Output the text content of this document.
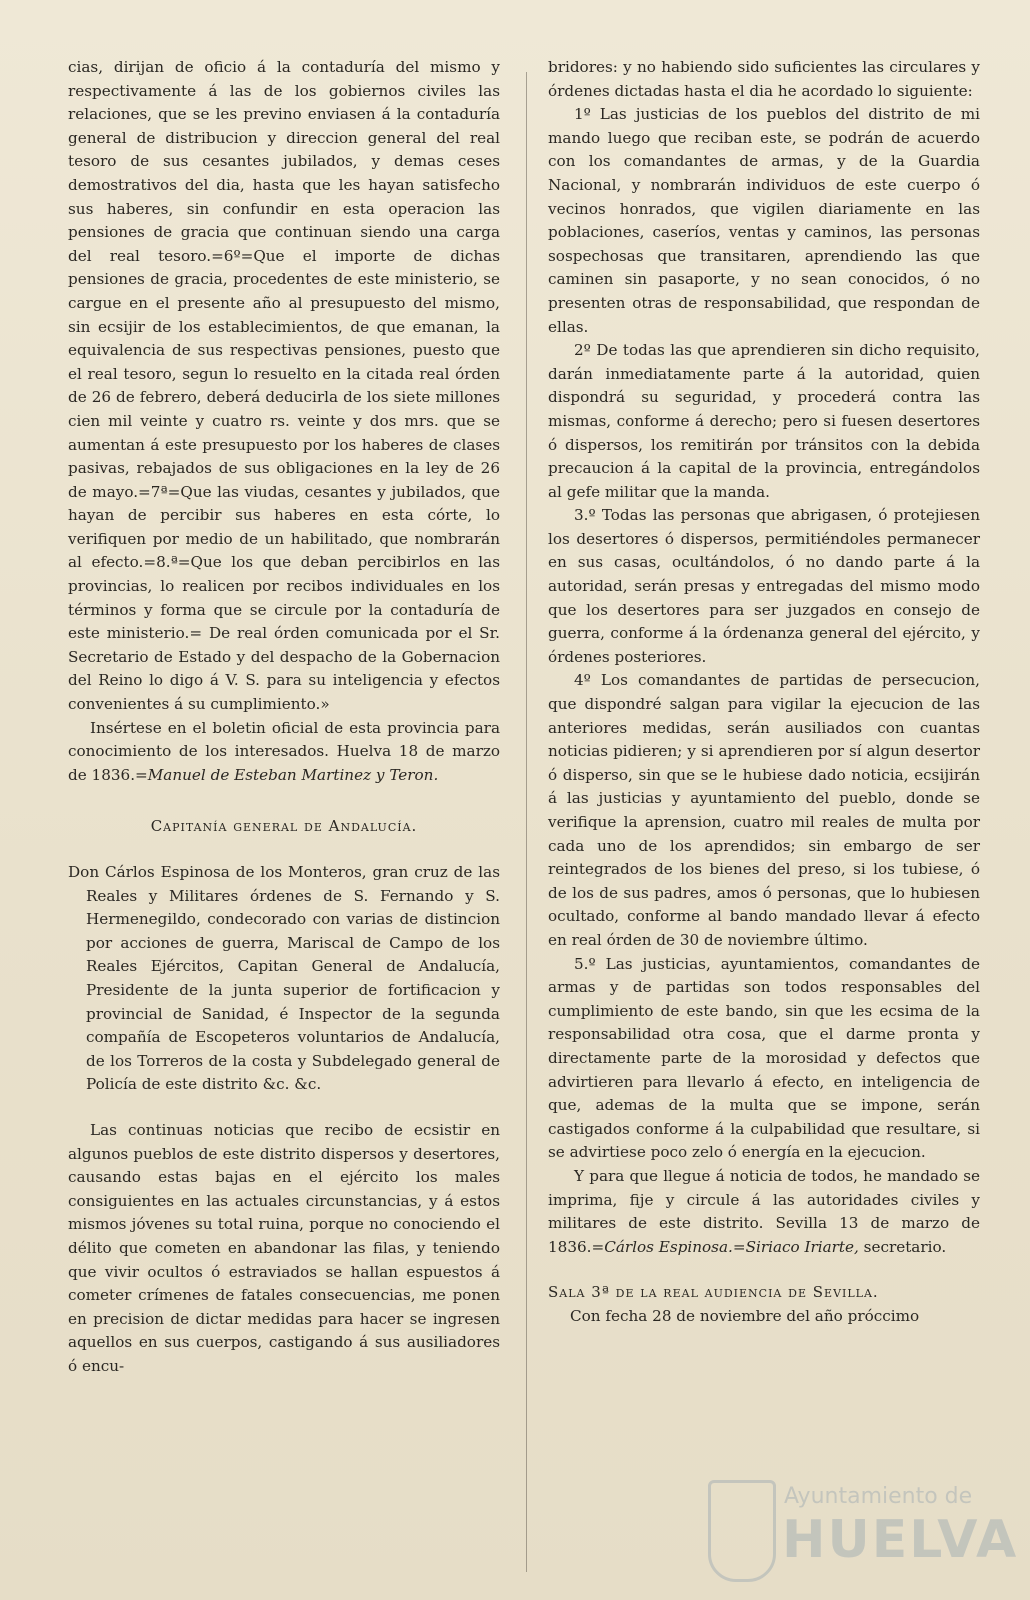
cias, dirijan de oficio á la contaduría del mismo y respectivamente á las de los gobiernos civiles las relaciones, que se les previno enviasen á la contaduría general de distribucion y direccion general del real tesoro de sus cesantes jubilados, y demas ceses demostrativos del dia, hasta que les hayan satisfecho sus haberes, sin confundir en esta operacion las pensiones de gracia que continuan siendo una carga del real tesoro.=6º=Que el importe de dichas pensiones de gracia, procedentes de este ministerio, se cargue en el presente año al presupuesto del mismo, sin ecsijir de los establecimientos, de que emanan, la equivalencia de sus respectivas pensiones, puesto que el real tesoro, segun lo resuelto en la citada real órden de 26 de febrero, deberá deducirla de los siete millones cien mil veinte y cuatro rs. veinte y dos mrs. que se aumentan á este presupuesto por los haberes de clases pasivas, rebajados de sus obligaciones en la ley de 26 de mayo.=7ª=Que las viudas, cesantes y jubilados, que hayan de percibir sus haberes en esta córte, lo verifiquen por medio de un habilitado, que nombrarán al efecto.=8.ª=Que los que deban percibirlos en las provincias, lo realicen por recibos individuales en los términos y forma que se circule por la contaduría de este ministerio.= De real órden comunicada por el Sr. Secretario de Estado y del despacho de la Gobernacion del Reino lo digo á V. S. para su inteligencia y efectos convenientes á su cumplimiento.»

Insértese en el boletin oficial de esta provincia para conocimiento de los interesados. Huelva 18 de marzo de 1836.=Manuel de Esteban Martinez y Teron.

Capitanía general de Andalucía.

Don Cárlos Espinosa de los Monteros, gran cruz de las Reales y Militares órdenes de S. Fernando y S. Hermenegildo, condecorado con varias de distincion por acciones de guerra, Mariscal de Campo de los Reales Ejércitos, Capitan General de Andalucía, Presidente de la junta superior de fortificacion y provincial de Sanidad, é Inspector de la segunda compañía de Escopeteros voluntarios de Andalucía, de los Torreros de la costa y Subdelegado general de Policía de este distrito &c. &c.

Las continuas noticias que recibo de ecsistir en algunos pueblos de este distrito dispersos y desertores, causando estas bajas en el ejército los males consiguientes en las actuales circunstancias, y á estos mismos jóvenes su total ruina, porque no conociendo el délito que cometen en abandonar las filas, y teniendo que vivir ocultos ó estraviados se hallan espuestos á cometer crímenes de fatales consecuencias, me ponen en precision de dictar medidas para hacer se ingresen aquellos en sus cuerpos, castigando á sus ausiliadores ó encu-

bridores: y no habiendo sido suficientes las circulares y órdenes dictadas hasta el dia he acordado lo siguiente:

1º Las justicias de los pueblos del distrito de mi mando luego que reciban este, se podrán de acuerdo con los comandantes de armas, y de la Guardia Nacional, y nombrarán individuos de este cuerpo ó vecinos honrados, que vigilen diariamente en las poblaciones, caseríos, ventas y caminos, las personas sospechosas que transitaren, aprendiendo las que caminen sin pasaporte, y no sean conocidos, ó no presenten otras de responsabilidad, que respondan de ellas.

2º De todas las que aprendieren sin dicho requisito, darán inmediatamente parte á la autoridad, quien dispondrá su seguridad, y procederá contra las mismas, conforme á derecho; pero si fuesen desertores ó dispersos, los remitirán por tránsitos con la debida precaucion á la capital de la provincia, entregándolos al gefe militar que la manda.

3.º Todas las personas que abrigasen, ó protejiesen los desertores ó dispersos, permitiéndoles permanecer en sus casas, ocultándolos, ó no dando parte á la autoridad, serán presas y entregadas del mismo modo que los desertores para ser juzgados en consejo de guerra, conforme á la órdenanza general del ejército, y órdenes posteriores.

4º Los comandantes de partidas de persecucion, que dispondré salgan para vigilar la ejecucion de las anteriores medidas, serán ausiliados con cuantas noticias pidieren; y si aprendieren por sí algun desertor ó disperso, sin que se le hubiese dado noticia, ecsijirán á las justicias y ayuntamiento del pueblo, donde se verifique la aprension, cuatro mil reales de multa por cada uno de los aprendidos; sin embargo de ser reintegrados de los bienes del preso, si los tubiese, ó de los de sus padres, amos ó personas, que lo hubiesen ocultado, conforme al bando mandado llevar á efecto en real órden de 30 de noviembre último.

5.º Las justicias, ayuntamientos, comandantes de armas y de partidas son todos responsables del cumplimiento de este bando, sin que les ecsima de la responsabilidad otra cosa, que el darme pronta y directamente parte de la morosidad y defectos que advirtieren para llevarlo á efecto, en inteligencia de que, ademas de la multa que se impone, serán castigados conforme á la culpabilidad que resultare, si se advirtiese poco zelo ó energía en la ejecucion.

Y para que llegue á noticia de todos, he mandado se imprima, fije y circule á las autoridades civiles y militares de este distrito. Sevilla 13 de marzo de 1836.=Cárlos Espinosa.=Siriaco Iriarte, secretario.

Sala 3ª de la real audiencia de Sevilla.

Con fecha 28 de noviembre del año próccimo

Ayuntamiento de
HUELVA
